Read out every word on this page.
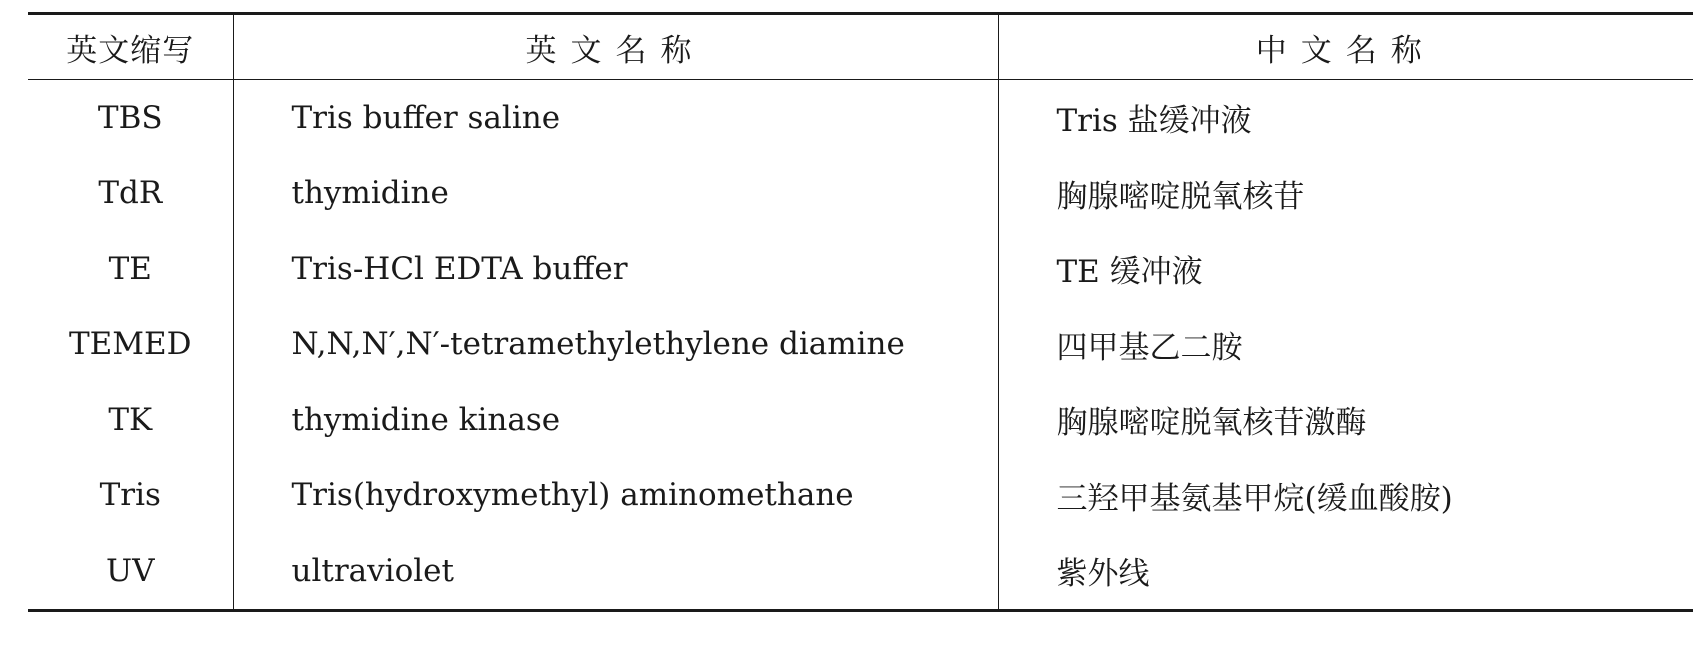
英文缩写	英文名称	中文名称
TBS	Tris buffer saline	Tris 盐缓冲液
TdR	thymidine	胸腺嘧啶脱氧核苷
TE	Tris-HCl EDTA buffer	TE 缓冲液
TEMED	N,N,N′,N′-tetramethylethylene diamine	四甲基乙二胺
TK	thymidine kinase	胸腺嘧啶脱氧核苷激酶
Tris	Tris(hydroxymethyl) aminomethane	三羟甲基氨基甲烷(缓血酸胺)
UV	ultraviolet	紫外线
